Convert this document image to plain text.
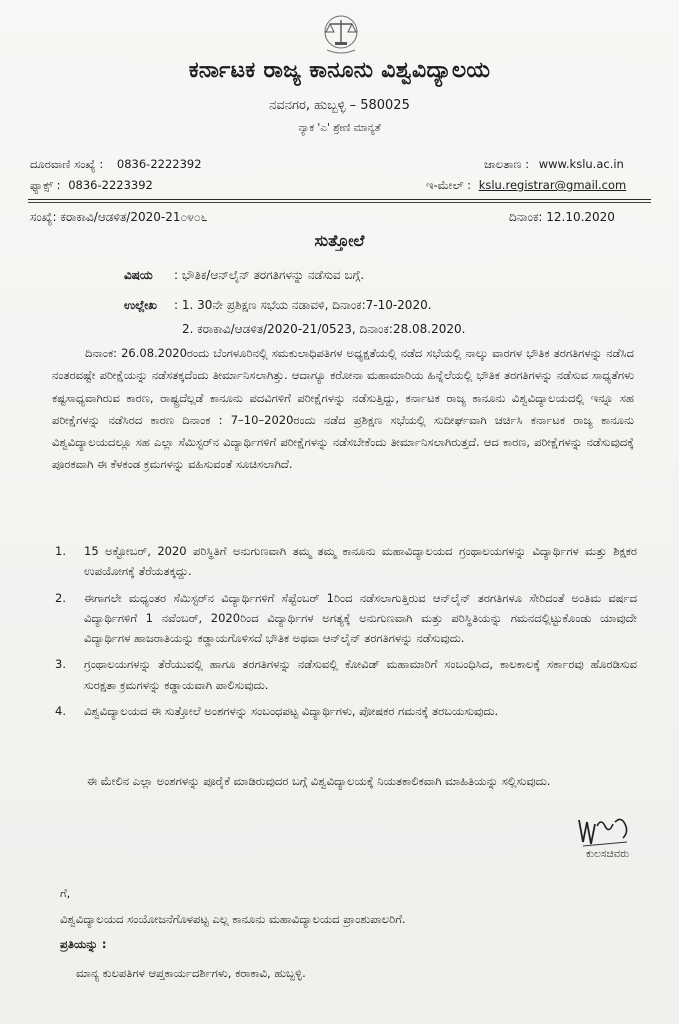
ಕರ್ನಾಟಕ ರಾಜ್ಯ ಕಾನೂನು ವಿಶ್ವವಿದ್ಯಾಲಯ
ನವನಗರ, ಹುಬ್ಬಳ್ಳಿ – 580025
ನ್ಯಾಕ 'ಎ' ಶ್ರೇಣಿ ಮಾನ್ಯತೆ
ದೂರವಾಣಿ ಸಂಖ್ಯೆ : 0836-2222392
ಫ್ಯಾಕ್ಸ್ : 0836-2223392
ಜಾಲತಾಣ : www.kslu.ac.in
ಇ-ಮೇಲ್ : kslu.registrar@gmail.com
ಸಂಖ್ಯೆ: ಕರಾಕಾವಿ/ಆಡಳಿತ/2020-21೦೪೦೬	ದಿನಾಂಕ: 12.10.2020
ಸುತ್ತೋಲೆ
ವಿಷಯ : ಭೌತಿಕ/ಆನ್‌ಲೈನ್ ತರಗತಿಗಳನ್ನು ನಡೆಸುವ ಬಗ್ಗೆ.
ಉಲ್ಲೇಖ : 1. 30ನೇ ಪ್ರಶಿಕ್ಷಣ ಸಭೆಯ ನಡಾವಳಿ, ದಿನಾಂಕ:7-10-2020.
2. ಕರಾಕಾವಿ/ಆಡಳಿತ/2020-21/0523, ದಿನಾಂಕ:28.08.2020.

ದಿನಾಂಕ: 26.08.2020ರಂದು ಬೆಂಗಳೂರಿನಲ್ಲಿ ಸಮಕುಲಾಧಿಪತಿಗಳ ಅಧ್ಯಕ್ಷತೆಯಲ್ಲಿ ನಡೆದ ಸಭೆಯಲ್ಲಿ ನಾಲ್ಕು ವಾರಗಳ ಭೌತಿಕ ತರಗತಿಗಳನ್ನು ನಡೆಸಿದ ನಂತರವಷ್ಟೇ ಪರೀಕ್ಷೆಯನ್ನು ನಡೆಸತಕ್ಕದೆಂದು ತೀರ್ಮಾನಿಸಲಾಗಿತ್ತು. ಆದಾಗ್ಯೂ ಕರೋನಾ ಮಹಾಮಾರಿಯ ಹಿನ್ನೆಲೆಯಲ್ಲಿ ಭೌತಿಕ ತರಗತಿಗಳನ್ನು ನಡೆಸುವ ಸಾಧ್ಯತೆಗಳು ಕಷ್ಟಸಾಧ್ಯವಾಗಿರುವ ಕಾರಣ, ರಾಷ್ಟ್ರದೆಲ್ಲಡೆ ಕಾನೂನು ಪದವಿಗಳಿಗೆ ಪರೀಕ್ಷೆಗಳನ್ನು ನಡೆಸುತ್ತಿದ್ದು, ಕರ್ನಾಟಕ ರಾಜ್ಯ ಕಾನೂನು ವಿಶ್ವವಿದ್ಯಾಲಯದಲ್ಲಿ ಇನ್ನೂ ಸಹ ಪರೀಕ್ಷೆಗಳನ್ನು ನಡೆಸಿರದ ಕಾರಣ ದಿನಾಂಕ : 7–10–2020ರಂದು ನಡೆದ ಪ್ರಶಿಕ್ಷಣ ಸಭೆಯಲ್ಲಿ ಸುದೀರ್ಘವಾಗಿ ಚರ್ಚಿಸಿ ಕರ್ನಾಟಕ ರಾಜ್ಯ ಕಾನೂನು ವಿಶ್ವವಿದ್ಯಾಲಯದಲ್ಲೂ ಸಹ ಎಲ್ಲಾ ಸೆಮಿಸ್ಟರ್‌ನ ವಿದ್ಯಾರ್ಥಿಗಳಿಗೆ ಪರೀಕ್ಷೆಗಳನ್ನು ನಡೆಸಬೇಕೆಂದು ತೀರ್ಮಾನಿಸಲಾಗಿರುತ್ತದೆ. ಆದ ಕಾರಣ, ಪರೀಕ್ಷೆಗಳನ್ನು ನಡೆಸುವುದಕ್ಕೆ ಪೂರಕವಾಗಿ ಈ ಕೆಳಕಂಡ ಕ್ರಮಗಳನ್ನು ವಹಿಸುವಂತೆ ಸೂಚಿಸಲಾಗಿದೆ.

1. 15 ಅಕ್ಟೋಬರ್, 2020 ಪರಿಸ್ಥಿತಿಗೆ ಅನುಗುಣವಾಗಿ ತಮ್ಮ ತಮ್ಮ ಕಾನೂನು ಮಹಾವಿದ್ಯಾಲಯದ ಗ್ರಂಥಾಲಯಗಳನ್ನು ವಿದ್ಯಾರ್ಥಿಗಳ ಮತ್ತು ಶಿಕ್ಷಕರ ಉಪಯೋಗಕ್ಕೆ ತೆರೆಯತಕ್ಕದ್ದು.
2. ಈಗಾಗಲೇ ಮಧ್ಯಂತರ ಸೆಮಿಸ್ಟರ್‌ನ ವಿದ್ಯಾರ್ಥಿಗಳಿಗೆ ಸೆಪ್ಟೆಂಬರ್ 1ರಿಂದ ನಡೆಸಲಾಗುತ್ತಿರುವ ಆನ್‌ಲೈನ್ ತರಗತಿಗಳೂ ಸೇರಿದಂತೆ ಅಂತಿಮ ವರ್ಷದ ವಿದ್ಯಾರ್ಥಿಗಳಿಗೆ 1 ನವೆಂಬರ್, 2020ರಿಂದ ವಿದ್ಯಾರ್ಥಿಗಳ ಅಗತ್ಯಕ್ಕೆ ಅನುಗುಣವಾಗಿ ಮತ್ತು ಪರಿಸ್ಥಿತಿಯನ್ನು ಗಮನದಲ್ಲಿಟ್ಟುಕೊಂಡು ಯಾವುದೇ ವಿದ್ಯಾರ್ಥಿಗಳ ಹಾಜರಾತಿಯನ್ನು ಕಡ್ಡಾಯಗೊಳಿಸದೆ ಭೌತಿಕ ಅಥವಾ ಆನ್‌ಲೈನ್ ತರಗತಿಗಳನ್ನು ನಡೆಸುವುದು.
3. ಗ್ರಂಥಾಲಯಗಳನ್ನು ತೆರೆಯುವಲ್ಲಿ ಹಾಗೂ ತರಗತಿಗಳನ್ನು ನಡೆಸುವಲ್ಲಿ ಕೋವಿಡ್ ಮಹಾಮಾರಿಗೆ ಸಂಬಂಧಿಸಿದ, ಕಾಲಕಾಲಕ್ಕೆ ಸರ್ಕಾರವು ಹೊರಡಿಸುವ ಸುರಕ್ಷತಾ ಕ್ರಮಗಳನ್ನು ಕಡ್ಡಾಯವಾಗಿ ಪಾಲಿಸುವುದು.
4. ವಿಶ್ವವಿದ್ಯಾಲಯದ ಈ ಸುತ್ತೋಲೆ ಅಂಶಗಳನ್ನು ಸಂಬಂಧಪಟ್ಟ ವಿದ್ಯಾರ್ಥಿಗಳು, ಪೋಷಕರ ಗಮನಕ್ಕೆ ತರಬಯಸುವುದು.

ಈ ಮೇಲಿನ ಎಲ್ಲಾ ಅಂಶಗಳನ್ನು ಪೂರೈಕೆ ಮಾಡಿರುವುದರ ಬಗ್ಗೆ ವಿಶ್ವವಿದ್ಯಾಲಯಕ್ಕೆ ನಿಯತಕಾಲಿಕವಾಗಿ ಮಾಹಿತಿಯನ್ನು ಸಲ್ಲಿಸುವುದು.

ಕುಲಸಚಿವರು
ಗೆ,
ವಿಶ್ವವಿದ್ಯಾಲಯದ ಸಂಯೋಜನೆಗೊಳಪಟ್ಟ ಎಲ್ಲ ಕಾನೂನು ಮಹಾವಿದ್ಯಾಲಯದ ಪ್ರಾಂಶುಪಾಲರಿಗೆ.
ಪ್ರತಿಯನ್ನು :
ಮಾನ್ಯ ಕುಲಪತಿಗಳ ಆಪ್ತಕಾರ್ಯದರ್ಶಿಗಳು, ಕರಾಕಾವಿ, ಹುಬ್ಬಳ್ಳಿ.
